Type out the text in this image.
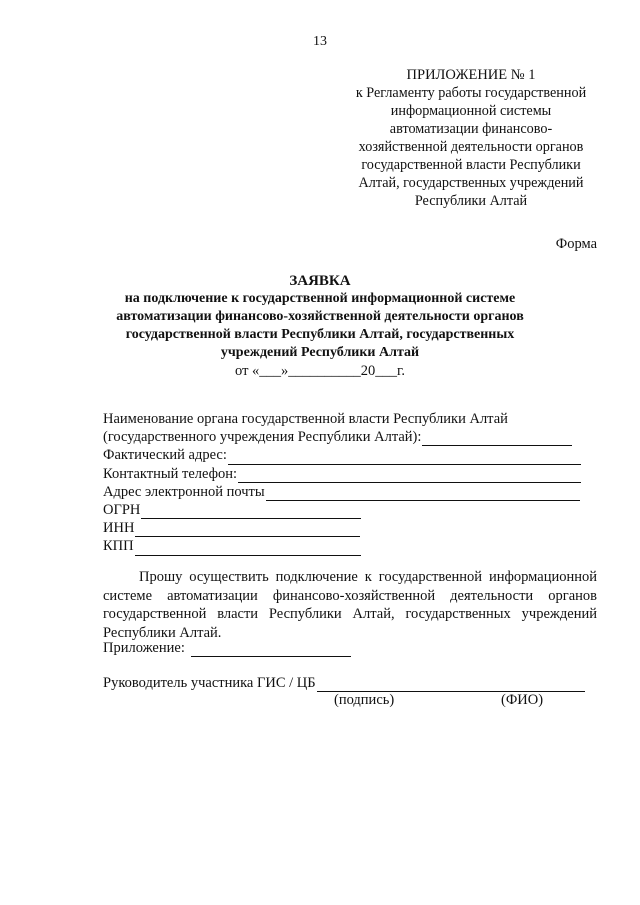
13
ПРИЛОЖЕНИЕ № 1
к Регламенту работы государственной
информационной системы
автоматизации финансово-
хозяйственной деятельности органов
государственной власти Республики
Алтай, государственных учреждений
Республики Алтай
Форма
ЗАЯВКА
на подключение к государственной информационной системе
автоматизации финансово-хозяйственной деятельности органов
государственной власти Республики Алтай, государственных
учреждений Республики Алтай
от «___»__________20___г.
Наименование органа государственной власти Республики Алтай
(государственного учреждения Республики Алтай):
Фактический адрес:
Контактный телефон:
Адрес электронной почты
ОГРН
ИНН
КПП
Прошу осуществить подключение к государственной информационной системе автоматизации финансово-хозяйственной деятельности органов государственной власти Республики Алтай, государственных учреждений Республики Алтай.
Приложение:
Руководитель участника ГИС / ЦБ
(подпись)	(ФИО)
